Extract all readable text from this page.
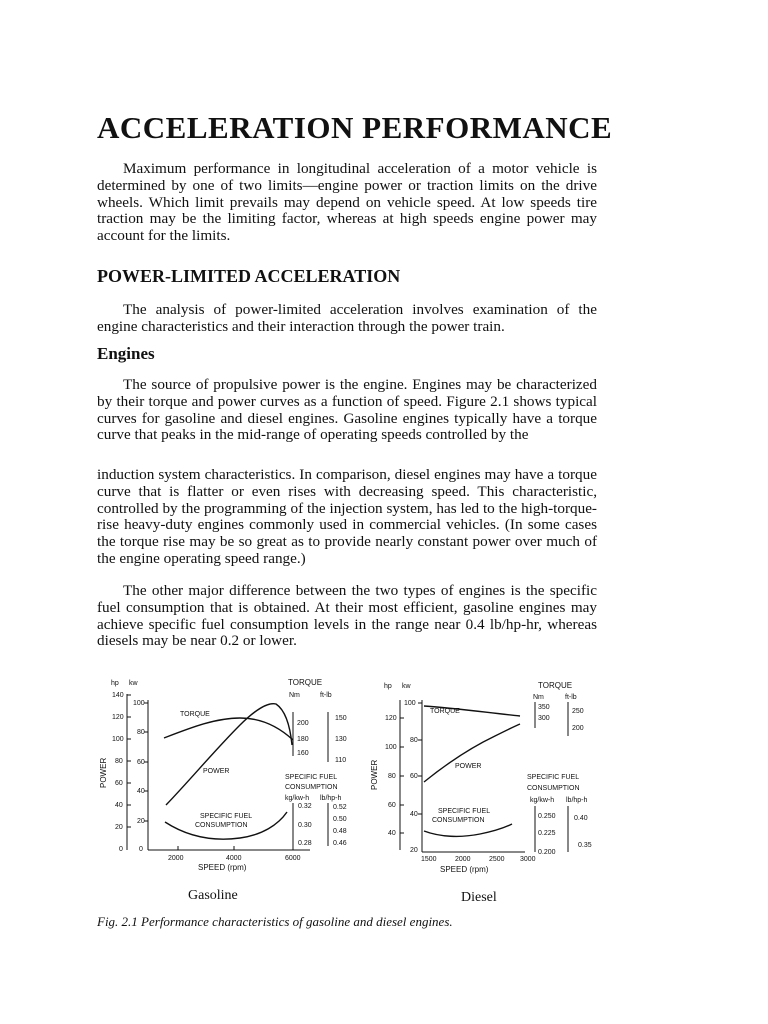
ACCELERATION PERFORMANCE

Maximum performance in longitudinal acceleration of a motor vehicle is determined by one of two limits—engine power or traction limits on the drive wheels. Which limit prevails may depend on vehicle speed. At low speeds tire traction may be the limiting factor, whereas at high speeds engine power may account for the limits.

POWER-LIMITED ACCELERATION

The analysis of power-limited acceleration involves examination of the engine characteristics and their interaction through the power train.

Engines

The source of propulsive power is the engine. Engines may be characterized by their torque and power curves as a function of speed. Figure 2.1 shows typical curves for gasoline and diesel engines. Gasoline engines typically have a torque curve that peaks in the mid-range of operating speeds controlled by the

induction system characteristics. In comparison, diesel engines may have a torque curve that is flatter or even rises with decreasing speed. This characteristic, controlled by the programming of the injection system, has led to the high-torque-rise heavy-duty engines commonly used in commercial vehicles. (In some cases the torque rise may be so great as to provide nearly constant power over much of the engine operating speed range.)

The other major difference between the two types of engines is the specific fuel consumption that is obtained. At their most efficient, gasoline engines may achieve specific fuel consumption levels in the range near 0.4 lb/hp-hr, whereas diesels may be near 0.2 or lower.

hp kw
140
120
100
80
60
40
20
0
100
80
60
40
20
0
POWER
2000	4000	6000
SPEED (rpm)
TORQUE
POWER
SPECIFIC FUEL
CONSUMPTION
TORQUE
Nm	ft-lb
200
180
160
150
130
110
SPECIFIC FUEL
CONSUMPTION
kg/kw-h lb/hp-h
0.32
0.30
0.28
0.52
0.50
0.48
0.46
Gasoline
hp kw
120
100
80
60
40
20
100
80
60
40
POWER
1500	2000	2500 3000
SPEED (rpm)
TORQUE
POWER
SPECIFIC FUEL
CONSUMPTION
TORQUE
Nm	ft-lb
350
300
250
200
SPECIFIC FUEL
CONSUMPTION
kg/kw-h lb/hp-h
0.250
0.225
0.200
0.40
0.35
Diesel

Fig. 2.1 Performance characteristics of gasoline and diesel engines.
